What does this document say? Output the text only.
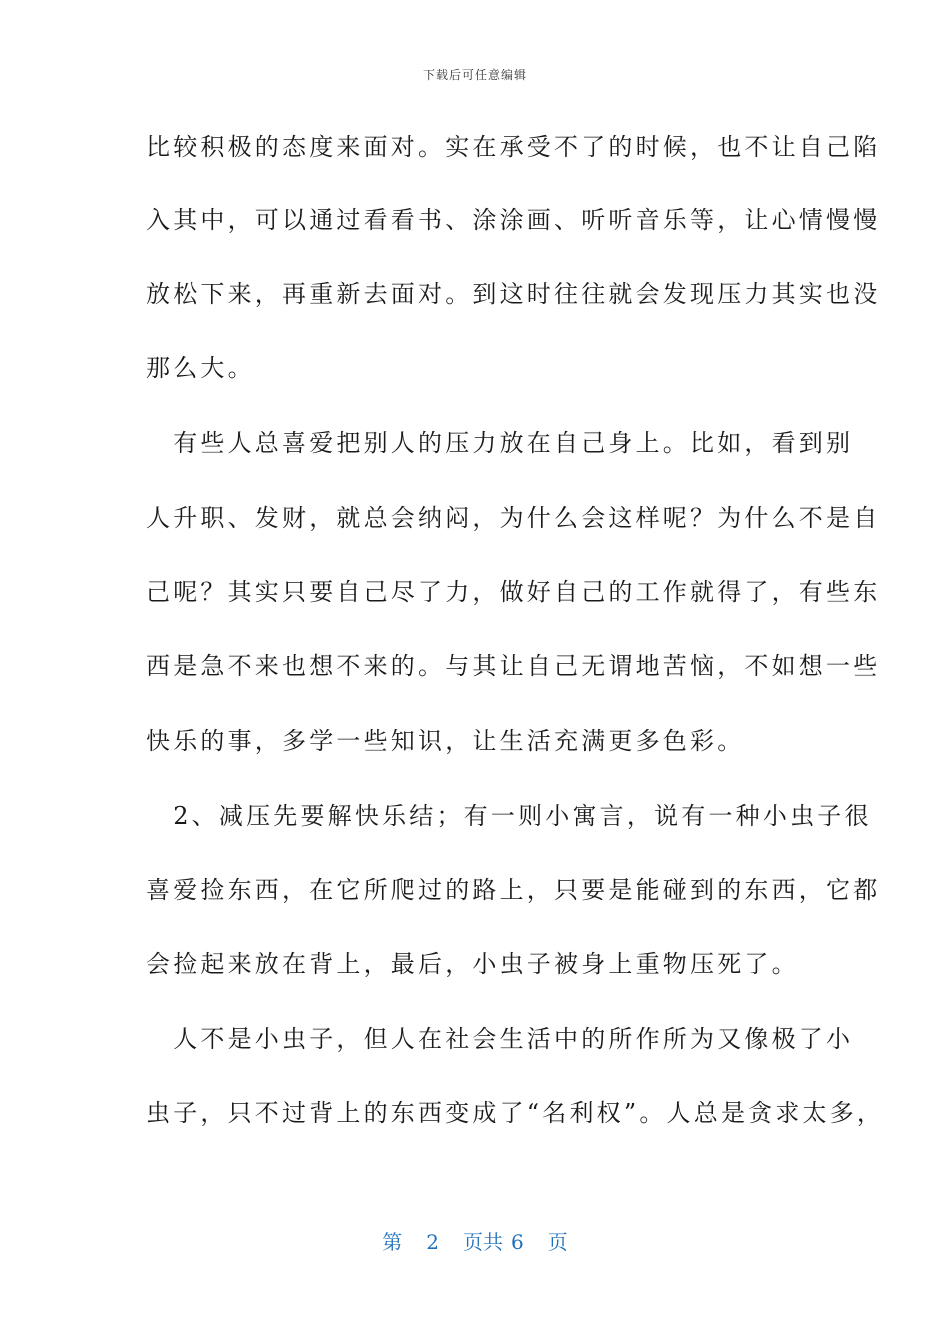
下载后可任意编辑
比较积极的态度来面对。实在承受不了的时候，也不让自己陷
入其中，可以通过看看书、涂涂画、听听音乐等，让心情慢慢
放松下来，再重新去面对。到这时往往就会发现压力其实也没
那么大。
　有些人总喜爱把别人的压力放在自己身上。比如，看到别
人升职、发财，就总会纳闷，为什么会这样呢？为什么不是自
己呢？其实只要自己尽了力，做好自己的工作就得了，有些东
西是急不来也想不来的。与其让自己无谓地苦恼，不如想一些
快乐的事，多学一些知识，让生活充满更多色彩。
　2、减压先要解快乐结；有一则小寓言，说有一种小虫子很
喜爱捡东西，在它所爬过的路上，只要是能碰到的东西，它都
会捡起来放在背上，最后，小虫子被身上重物压死了。
　人不是小虫子，但人在社会生活中的所作所为又像极了小
虫子，只不过背上的东西变成了“名利权”。人总是贪求太多，
第 2 页共 6 页
